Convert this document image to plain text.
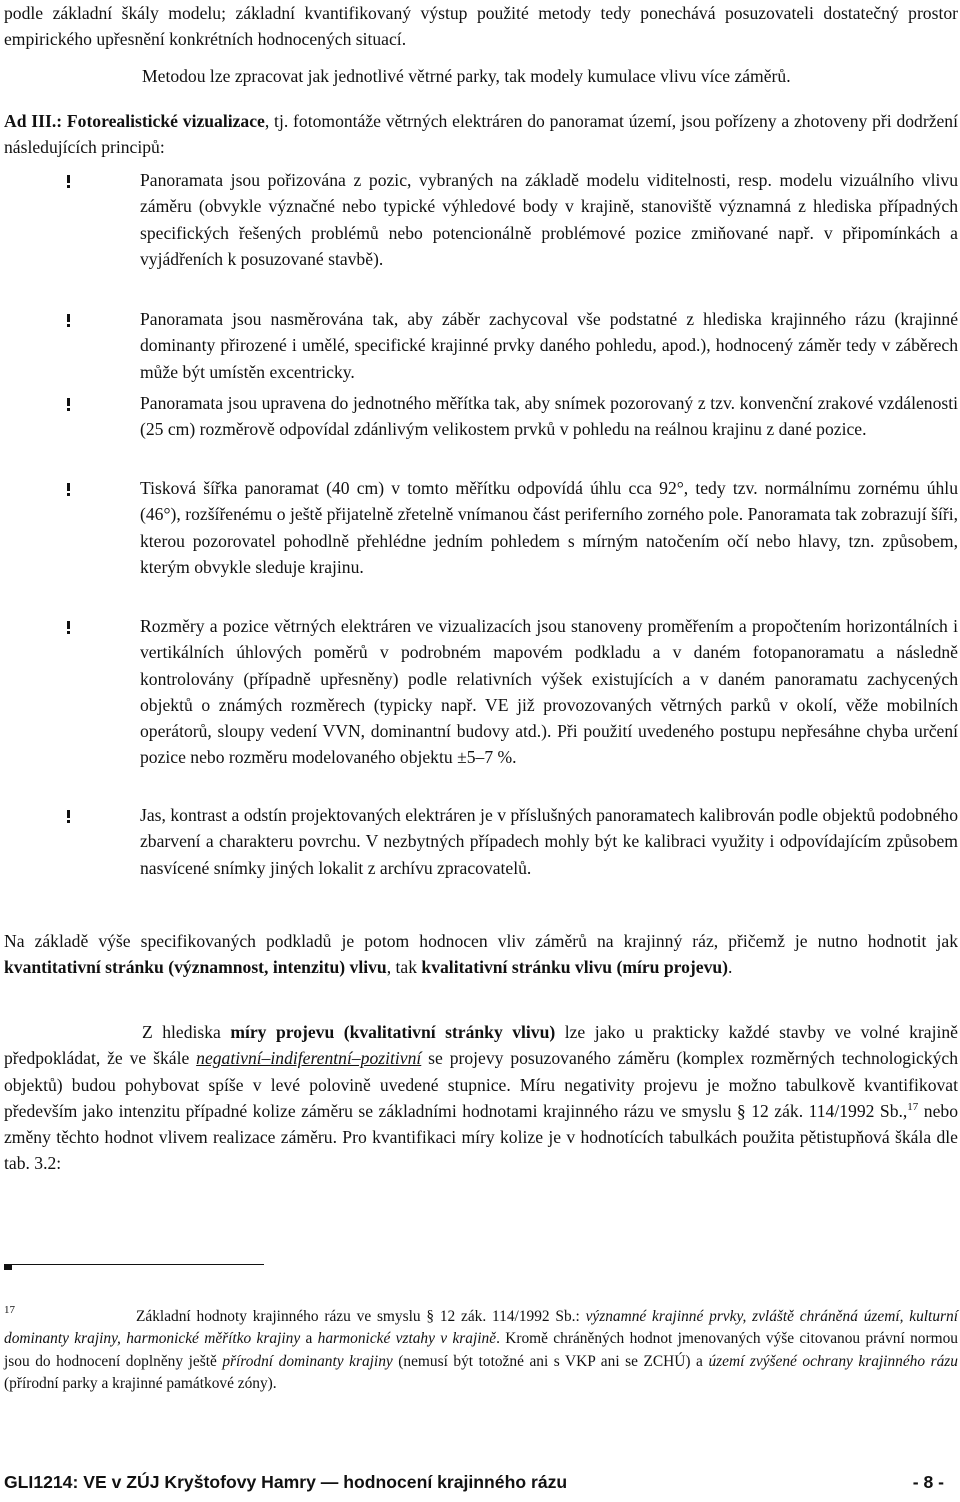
podle základní škály modelu; základní kvantifikovaný výstup použité metody tedy ponechává posuzovateli dostatečný prostor empirického upřesnění konkrétních hodnocených situací.
Metodou lze zpracovat jak jednotlivé větrné parky, tak modely kumulace vlivu více záměrů.
Ad III.: Fotorealistické vizualizace, tj. fotomontáže větrných elektráren do panoramat území, jsou pořízeny a zhotoveny při dodržení následujících principů:
Panoramata jsou pořizována z pozic, vybraných na základě modelu viditelnosti, resp. modelu vizuálního vlivu záměru (obvykle význačné nebo typické výhledové body v krajině, stanoviště významná z hlediska případných specifických řešených problémů nebo potencionálně problémové pozice zmiňované např. v připomínkách a vyjádřeních k posuzované stavbě).
Panoramata jsou nasměrována tak, aby záběr zachycoval vše podstatné z hlediska krajinného rázu (krajinné dominanty přirozené i umělé, specifické krajinné prvky daného pohledu, apod.), hodnocený záměr tedy v záběrech může být umístěn excentricky.
Panoramata jsou upravena do jednotného měřítka tak, aby snímek pozorovaný z tzv. konvenční zrakové vzdálenosti (25 cm) rozměrově odpovídal zdánlivým velikostem prvků v pohledu na reálnou krajinu z dané pozice.
Tisková šířka panoramat (40 cm) v tomto měřítku odpovídá úhlu cca 92°, tedy tzv. normálnímu zornému úhlu (46°), rozšířenému o ještě přijatelně zřetelně vnímanou část periferního zorného pole. Panoramata tak zobrazují šíři, kterou pozorovatel pohodlně přehlédne jedním pohledem s mírným natočením očí nebo hlavy, tzn. způsobem, kterým obvykle sleduje krajinu.
Rozměry a pozice větrných elektráren ve vizualizacích jsou stanoveny proměřením a propočtením horizontálních i vertikálních úhlových poměrů v podrobném mapovém podkladu a v daném fotopanoramatu a následně kontrolovány (případně upřesněny) podle relativních výšek existujících a v daném panoramatu zachycených objektů o známých rozměrech (typicky např. VE již provozovaných větrných parků v okolí, věže mobilních operátorů, sloupy vedení VVN, dominantní budovy atd.). Při použití uvedeného postupu nepřesáhne chyba určení pozice nebo rozměru modelovaného objektu ±5–7 %.
Jas, kontrast a odstín projektovaných elektráren je v příslušných panoramatech kalibrován podle objektů podobného zbarvení a charakteru povrchu. V nezbytných případech mohly být ke kalibraci využity i odpovídajícím způsobem nasvícené snímky jiných lokalit z archívu zpracovatelů.
Na základě výše specifikovaných podkladů je potom hodnocen vliv záměrů na krajinný ráz, přičemž je nutno hodnotit jak kvantitativní stránku (významnost, intenzitu) vlivu, tak kvalitativní stránku vlivu (míru projevu).
Z hlediska míry projevu (kvalitativní stránky vlivu) lze jako u prakticky každé stavby ve volné krajině předpokládat, že ve škále negativní–indiferentní–pozitivní se projevy posuzovaného záměru (komplex rozměrných technologických objektů) budou pohybovat spíše v levé polovině uvedené stupnice. Míru negativity projevu je možno tabulkově kvantifikovat především jako intenzitu případné kolize záměru se základními hodnotami krajinného rázu ve smyslu § 12 zák. 114/1992 Sb.,$^{17}$ nebo změny těchto hodnot vlivem realizace záměru. Pro kvantifikaci míry kolize je v hodnotících tabulkách použita pětistupňová škála dle tab. 3.2:
17	Základní hodnoty krajinného rázu ve smyslu § 12 zák. 114/1992 Sb.: významné krajinné prvky, zvláště chráněná území, kulturní dominanty krajiny, harmonické měřítko krajiny a harmonické vztahy v krajině. Kromě chráněných hodnot jmenovaných výše citovanou právní normou jsou do hodnocení doplněny ještě přírodní dominanty krajiny (nemusí být totožné ani s VKP ani se ZCHÚ) a území zvýšené ochrany krajinného rázu (přírodní parky a krajinné památkové zóny).
GLI1214: VE v ZÚJ Kryštofovy Hamry — hodnocení krajinného rázu	- 8 -
